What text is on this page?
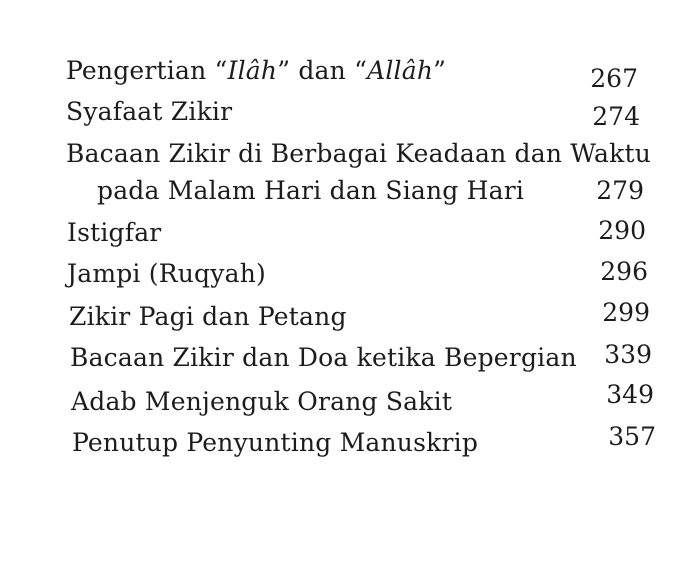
Pengertian “Ilâh” dan “Allâh”	267
Syafaat Zikir	274
Bacaan Zikir di Berbagai Keadaan dan Waktu
pada Malam Hari dan Siang Hari	279
Istigfar	290
Jampi (Ruqyah)	296
Zikir Pagi dan Petang	299
Bacaan Zikir dan Doa ketika Bepergian	339
Adab Menjenguk Orang Sakit	349
Penutup Penyunting Manuskrip	357
